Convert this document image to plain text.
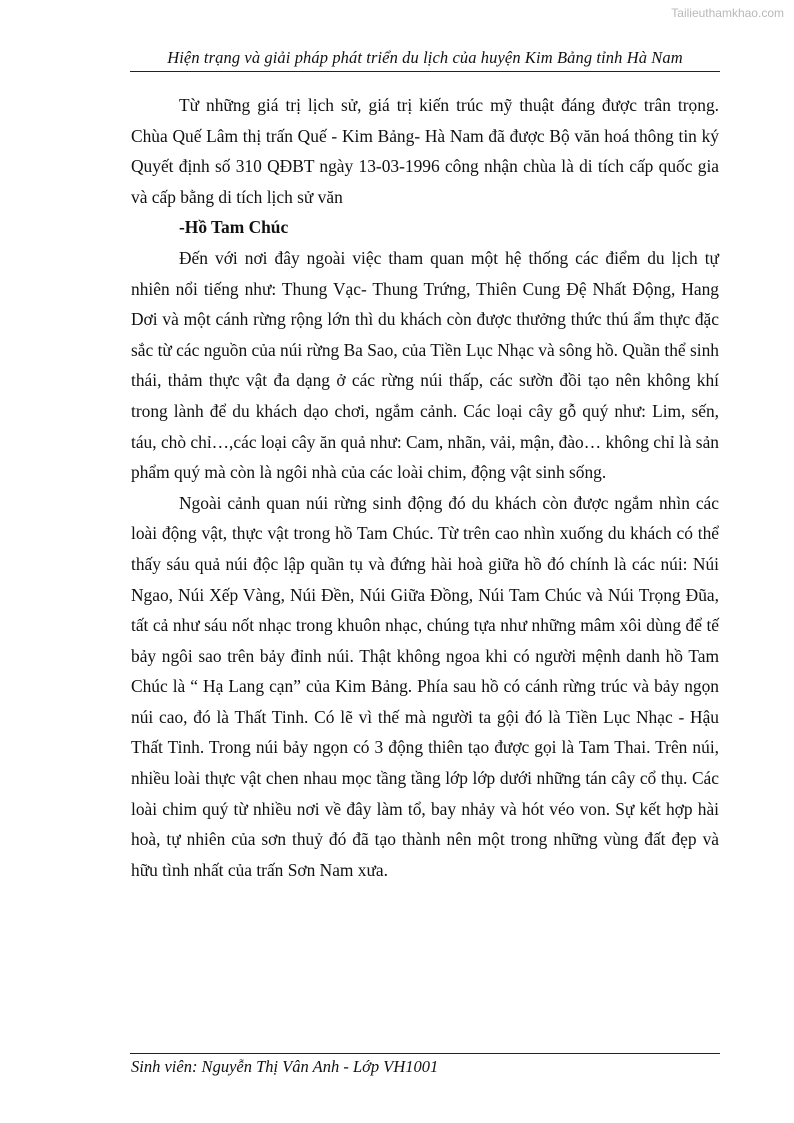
Tailieuthamkhao.com
Hiện trạng và giải pháp phát triển du lịch của huyện Kim Bảng tỉnh Hà Nam

Từ những giá trị lịch sử, giá trị kiến trúc mỹ thuật đáng được trân trọng. Chùa Quế Lâm thị trấn Quế - Kim Bảng- Hà Nam đã được Bộ văn hoá thông tin ký Quyết định số 310 QĐBT ngày 13-03-1996 công nhận chùa là di tích cấp quốc gia và cấp bằng di tích lịch sử văn

-Hồ Tam Chúc

Đến với nơi đây ngoài việc tham quan một hệ thống các điểm du lịch tự nhiên nổi tiếng như: Thung Vạc- Thung Trứng, Thiên Cung Đệ Nhất Động, Hang Dơi và một cánh rừng rộng lớn thì du khách còn được thưởng thức thú ẩm thực đặc sắc từ các nguồn của núi rừng Ba Sao, của Tiền Lục Nhạc và sông hồ. Quần thể sinh thái, thảm thực vật đa dạng ở các rừng núi thấp, các sườn đồi tạo nên không khí trong lành để du khách dạo chơi, ngắm cảnh. Các loại cây gỗ quý như: Lim, sến, táu, chò chỉ…,các loại cây ăn quả như: Cam, nhãn, vải, mận, đào… không chỉ là sản phẩm quý mà còn là ngôi nhà của các loài chim, động vật sinh sống.

Ngoài cảnh quan núi rừng sinh động đó du khách còn được ngắm nhìn các loài động vật, thực vật trong hồ Tam Chúc. Từ trên cao nhìn xuống du khách có thể thấy sáu quả núi độc lập quần tụ và đứng hài hoà giữa hồ đó chính là các núi: Núi Ngao, Núi Xếp Vàng, Núi Đền, Núi Giữa Đồng, Núi Tam Chúc và Núi Trọng Đũa, tất cả như sáu nốt nhạc trong khuôn nhạc, chúng tựa như những mâm xôi dùng để tế bảy ngôi sao trên bảy đỉnh núi. Thật không ngoa khi có người mệnh danh hồ Tam Chúc là “ Hạ Lang cạn” của Kim Bảng. Phía sau hồ có cánh rừng trúc và bảy ngọn núi cao, đó là Thất Tinh. Có lẽ vì thế mà người ta gội đó là Tiền Lục Nhạc - Hậu Thất Tinh. Trong núi bảy ngọn có 3 động thiên tạo được gọi là Tam Thai. Trên núi, nhiều loài thực vật chen nhau mọc tầng tầng lớp lớp dưới những tán cây cổ thụ. Các loài chim quý từ nhiều nơi về đây làm tổ, bay nhảy và hót véo von. Sự kết hợp hài hoà, tự nhiên của sơn thuỷ đó đã tạo thành nên một trong những vùng đất đẹp và hữu tình nhất của trấn Sơn Nam xưa.

Sinh viên: Nguyễn Thị Vân Anh - Lớp VH1001
